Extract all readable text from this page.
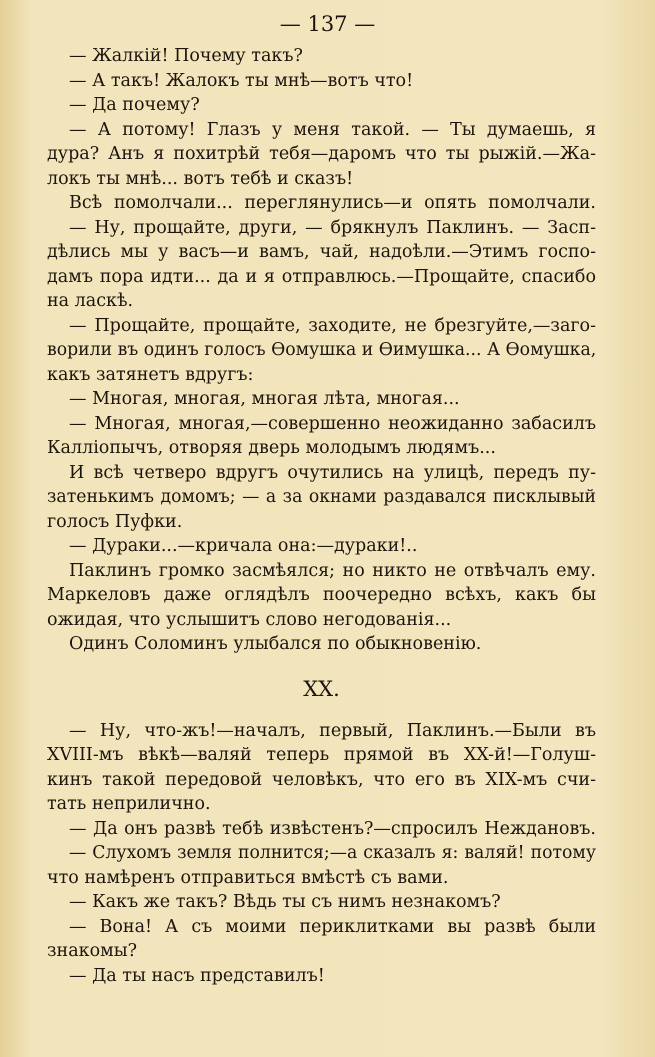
— 137 —
— Жалкій! Почему такъ?
— А такъ! Жалокъ ты мнѣ—вотъ что!
— Да почему?
— А потому! Глазъ у меня такой. — Ты думаешь, я
дура? Анъ я похитрѣй тебя—даромъ что ты рыжій.—Жа-
локъ ты мнѣ... вотъ тебѣ и сказъ!
Всѣ помолчали... переглянулись—и опять помолчали.
— Ну, прощайте, други, — брякнулъ Паклинъ. — Засп-
дѣлись мы у васъ—и вамъ, чай, надоѣли.—Этимъ госпо-
дамъ пора идти... да и я отправлюсь.—Прощайте, спасибо
на ласкѣ.
— Прощайте, прощайте, заходите, не брезгуйте,—заго-
ворили въ одинъ голосъ Ѳомушка и Ѳимушка... А Ѳомушка,
какъ затянетъ вдругъ:
— Многая, многая, многая лѣта, многая...
— Многая, многая,—совершенно неожиданно забасилъ
Калліопычъ, отворяя дверь молодымъ людямъ...
И всѣ четверо вдругъ очутились на улицѣ, передъ пу-
затенькимъ домомъ; — а за окнами раздавался писклывый
голосъ Пуфки.
— Дураки...—кричала она:—дураки!..
Паклинъ громко засмѣялся; но никто не отвѣчалъ ему.
Маркеловъ даже оглядѣлъ поочередно всѣхъ, какъ бы
ожидая, что услышитъ слово негодованія...
Одинъ Соломинъ улыбался по обыкновенію.
XX.
— Ну, что-жъ!—началъ, первый, Паклинъ.—Были въ
XVIII-мъ вѣкѣ—валяй теперь прямой въ XX-й!—Голуш-
кинъ такой передовой человѣкъ, что его въ XIX-мъ счи-
тать неприлично.
— Да онъ развѣ тебѣ извѣстенъ?—спросилъ Неждановъ.
— Слухомъ земля полнится;—а сказалъ я: валяй! потому
что намѣренъ отправиться вмѣстѣ съ вами.
— Какъ же такъ? Вѣдь ты съ нимъ незнакомъ?
— Вона! А съ моими периклитками вы развѣ были
знакомы?
— Да ты насъ представилъ!
